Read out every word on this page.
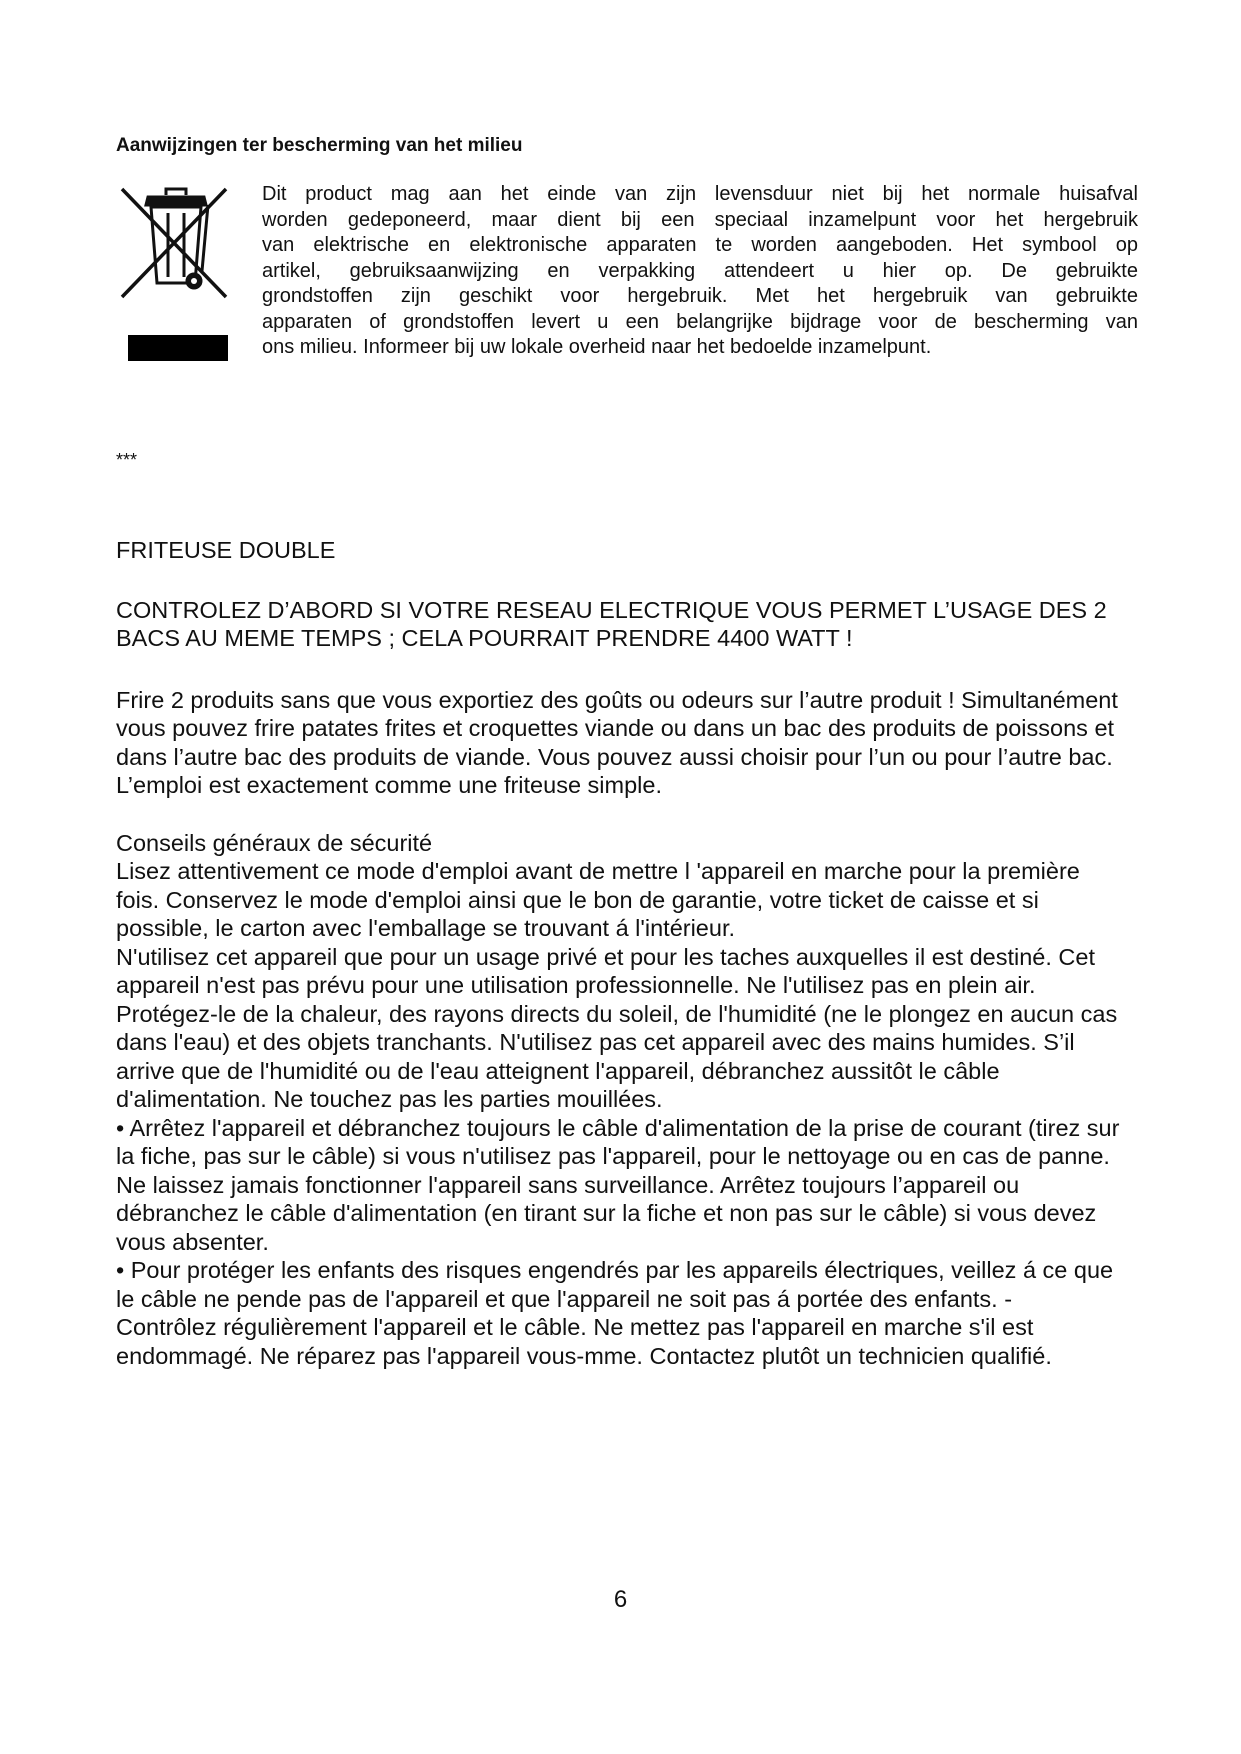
Aanwijzingen ter bescherming van het milieu
Dit product mag aan het einde van zijn levensduur niet bij het normale huisafval
worden gedeponeerd, maar dient bij een speciaal inzamelpunt voor het hergebruik
van elektrische en elektronische apparaten te worden aangeboden. Het symbool op
artikel, gebruiksaanwijzing en verpakking attendeert u hier op. De gebruikte
grondstoffen zijn geschikt voor hergebruik. Met het hergebruik van gebruikte
apparaten of grondstoffen levert u een belangrijke bijdrage voor de bescherming van
ons milieu. Informeer bij uw lokale overheid naar het bedoelde inzamelpunt.

***

FRITEUSE DOUBLE

CONTROLEZ D’ABORD SI VOTRE RESEAU ELECTRIQUE VOUS PERMET L’USAGE DES 2 BACS AU MEME TEMPS ; CELA POURRAIT PRENDRE 4400 WATT !

Frire 2 produits sans que vous exportiez des goûts ou odeurs sur l’autre produit ! Simultanément vous pouvez frire patates frites et croquettes viande ou dans un bac des produits de poissons et dans l’autre bac des produits de viande. Vous pouvez aussi choisir pour l’un ou pour l’autre bac. L’emploi est exactement comme une friteuse simple.

Conseils généraux de sécurité

Lisez attentivement ce mode d'emploi avant de mettre l 'appareil en marche pour la première fois. Conservez le mode d'emploi ainsi que le bon de garantie, votre ticket de caisse et si possible, le carton avec l'emballage se trouvant á l'intérieur.

N'utilisez cet appareil que pour un usage privé et pour les taches auxquelles il est destiné. Cet appareil n'est pas prévu pour une utilisation professionnelle. Ne l'utilisez pas en plein air.

Protégez-le de la chaleur, des rayons directs du soleil, de l'humidité (ne le plongez en aucun cas dans l'eau) et des objets tranchants. N'utilisez pas cet appareil avec des mains humides. S’il arrive que de l'humidité ou de l'eau atteignent l'appareil, débranchez aussitôt le câble d'alimentation. Ne touchez pas les parties mouillées.

• Arrêtez l'appareil et débranchez toujours le câble d'alimentation de la prise de courant (tirez sur la fiche, pas sur le câble) si vous n'utilisez pas l'appareil, pour le nettoyage ou en cas de panne.

Ne laissez jamais fonctionner l'appareil sans surveillance. Arrêtez toujours l’appareil ou débranchez le câble d'alimentation (en tirant sur la fiche et non pas sur le câble) si vous devez vous absenter.

• Pour protéger les enfants des risques engendrés par les appareils électriques, veillez á ce que le câble ne pende pas de l'appareil et que l'appareil ne soit pas á portée des enfants. -

Contrôlez régulièrement l'appareil et le câble. Ne mettez pas l'appareil en marche s'il est endommagé. Ne réparez pas l'appareil vous-mme. Contactez plutôt un technicien qualifié.

6
